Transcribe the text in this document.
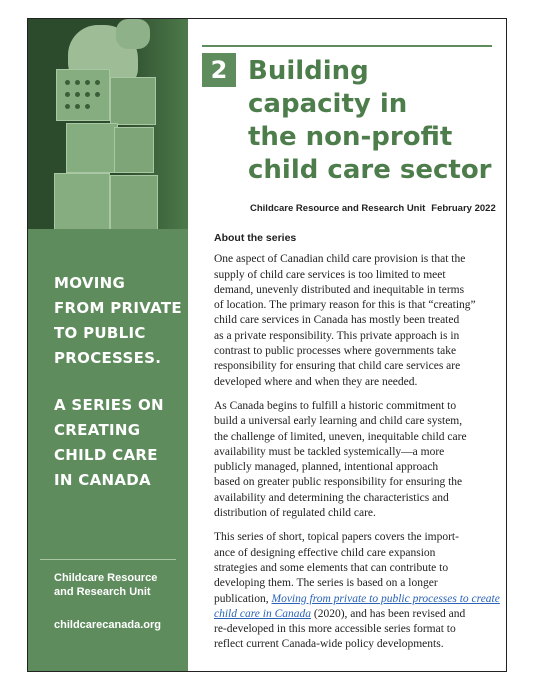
MOVING
FROM PRIVATE
TO PUBLIC
PROCESSES.
A SERIES ON
CREATING
CHILD CARE
IN CANADA
Childcare Resource
and Research Unit
childcarecanada.org
2 Building
capacity in
the non-profit
child care sector
Childcare Resource and Research Unit February 2022
About the series
One aspect of Canadian child care provision is that the
supply of child care services is too limited to meet
demand, unevenly distributed and inequitable in terms
of location. The primary reason for this is that “creating”
child care services in Canada has mostly been treated
as a private responsibility. This private approach is in
contrast to public processes where governments take
responsibility for ensuring that child care services are
developed where and when they are needed.
As Canada begins to fulfill a historic commitment to
build a universal early learning and child care system,
the challenge of limited, uneven, inequitable child care
availability must be tackled systemically—a more
publicly managed, planned, intentional approach
based on greater public responsibility for ensuring the
availability and determining the characteristics and
distribution of regulated child care.
This series of short, topical papers covers the import-
ance of designing effective child care expansion
strategies and some elements that can contribute to
developing them. The series is based on a longer
publication, Moving from private to public processes to create
child care in Canada (2020), and has been revised and
re-developed in this more accessible series format to
reflect current Canada-wide policy developments.
